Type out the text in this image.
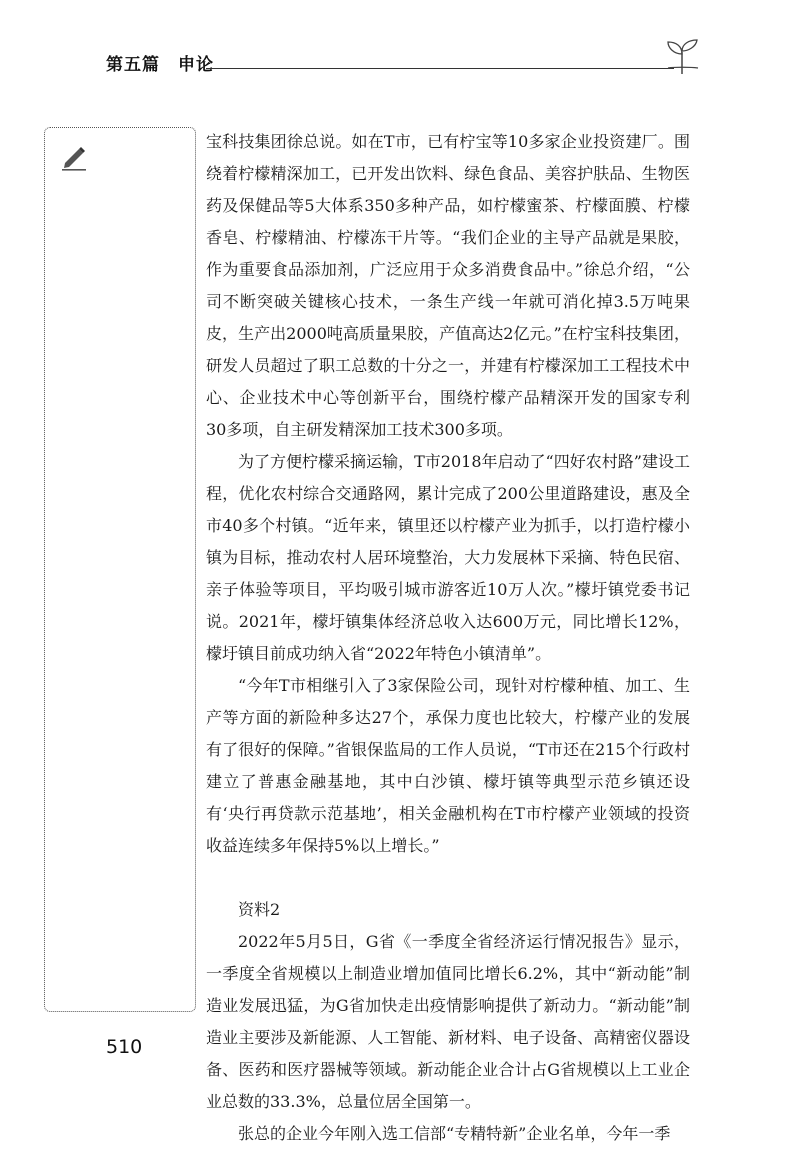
第五篇　申论

宝科技集团徐总说。如在T市，已有柠宝等10多家企业投资建厂。围绕着柠檬精深加工，已开发出饮料、绿色食品、美容护肤品、生物医药及保健品等5大体系350多种产品，如柠檬蜜茶、柠檬面膜、柠檬香皂、柠檬精油、柠檬冻干片等。“我们企业的主导产品就是果胶，作为重要食品添加剂，广泛应用于众多消费食品中。”徐总介绍，“公司不断突破关键核心技术，一条生产线一年就可消化掉3.5万吨果皮，生产出2000吨高质量果胶，产值高达2亿元。”在柠宝科技集团，研发人员超过了职工总数的十分之一，并建有柠檬深加工工程技术中心、企业技术中心等创新平台，围绕柠檬产品精深开发的国家专利30多项，自主研发精深加工技术300多项。

为了方便柠檬采摘运输，T市2018年启动了“四好农村路”建设工程，优化农村综合交通路网，累计完成了200公里道路建设，惠及全市40多个村镇。“近年来，镇里还以柠檬产业为抓手，以打造柠檬小镇为目标，推动农村人居环境整治，大力发展林下采摘、特色民宿、亲子体验等项目，平均吸引城市游客近10万人次。”檬圩镇党委书记说。2021年，檬圩镇集体经济总收入达600万元，同比增长12%，檬圩镇目前成功纳入省“2022年特色小镇清单”。

“今年T市相继引入了3家保险公司，现针对柠檬种植、加工、生产等方面的新险种多达27个，承保力度也比较大，柠檬产业的发展有了很好的保障。”省银保监局的工作人员说，“T市还在215个行政村建立了普惠金融基地，其中白沙镇、檬圩镇等典型示范乡镇还设有‘央行再贷款示范基地’，相关金融机构在T市柠檬产业领域的投资收益连续多年保持5%以上增长。”

资料2

2022年5月5日，G省《一季度全省经济运行情况报告》显示，一季度全省规模以上制造业增加值同比增长6.2%，其中“新动能”制造业发展迅猛，为G省加快走出疫情影响提供了新动力。“新动能”制造业主要涉及新能源、人工智能、新材料、电子设备、高精密仪器设备、医药和医疗器械等领域。新动能企业合计占G省规模以上工业企业总数的33.3%，总量位居全国第一。

张总的企业今年刚入选工信部“专精特新”企业名单，今年一季

510
